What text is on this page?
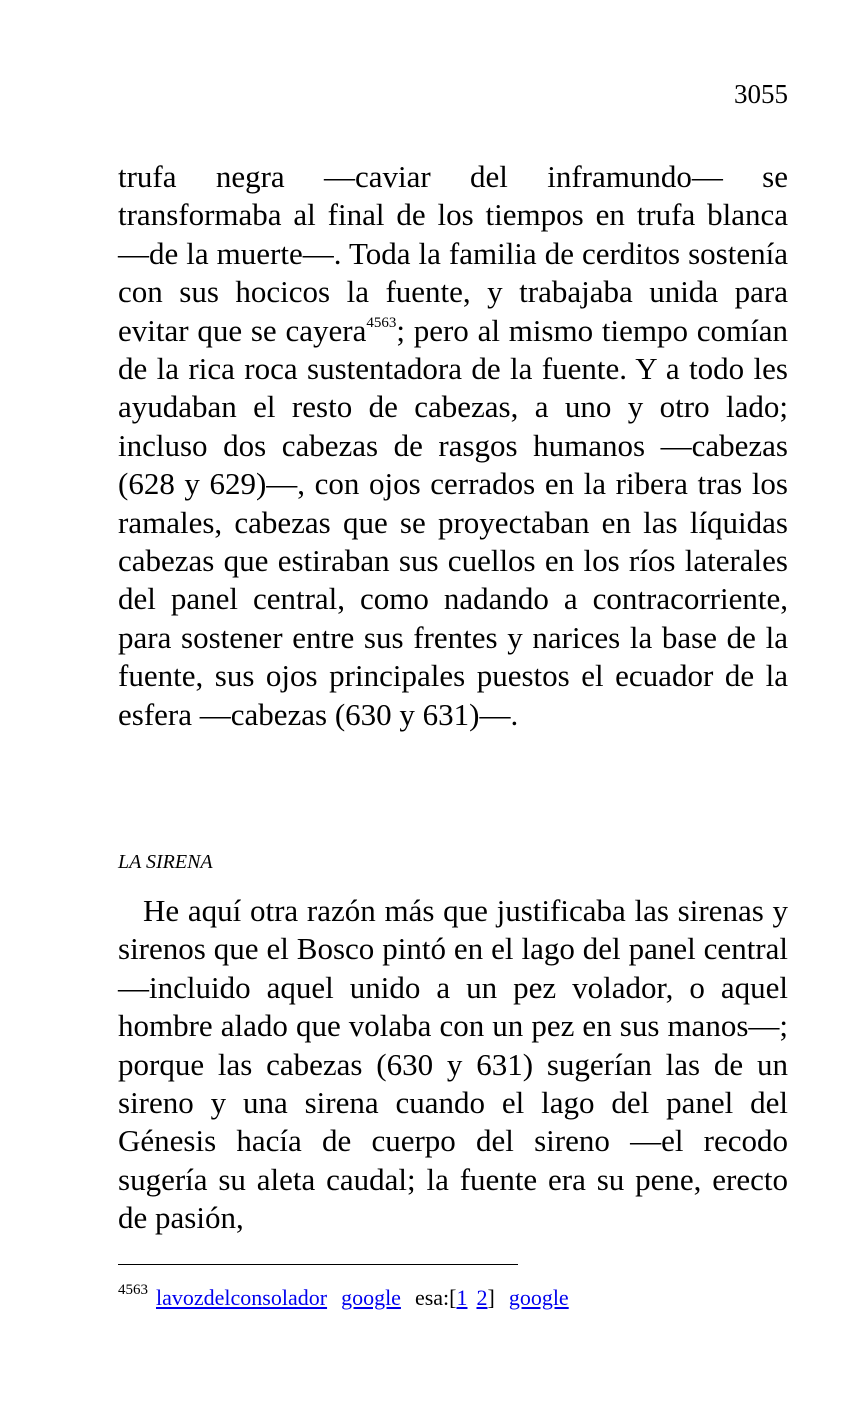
3055

trufa negra —caviar del inframundo— se transformaba al final de los tiempos en trufa blanca —de la muerte—. Toda la familia de cerditos sostenía con sus hocicos la fuente, y trabajaba unida para evitar que se cayera$^{4563}$; pero al mismo tiempo comían de la rica roca sustentadora de la fuente. Y a todo les ayudaban el resto de cabezas, a uno y otro lado; incluso dos cabezas de rasgos humanos —cabezas (628 y 629)—, con ojos cerrados en la ribera tras los ramales, cabezas que se proyectaban en las líquidas cabezas que estiraban sus cuellos en los ríos laterales del panel central, como nadando a contracorriente, para sostener entre sus frentes y narices la base de la fuente, sus ojos principales puestos el ecuador de la esfera —cabezas (630 y 631)—.

LA SIRENA

He aquí otra razón más que justificaba las sirenas y sirenos que el Bosco pintó en el lago del panel central —incluido aquel unido a un pez volador, o aquel hombre alado que volaba con un pez en sus manos—; porque las cabezas (630 y 631) sugerían las de un sireno y una sirena cuando el lago del panel del Génesis hacía de cuerpo del sireno —el recodo sugería su aleta caudal; la fuente era su pene, erecto de pasión,

$^{4563}$ lavozdelconsolador google esa:[1 2] google
